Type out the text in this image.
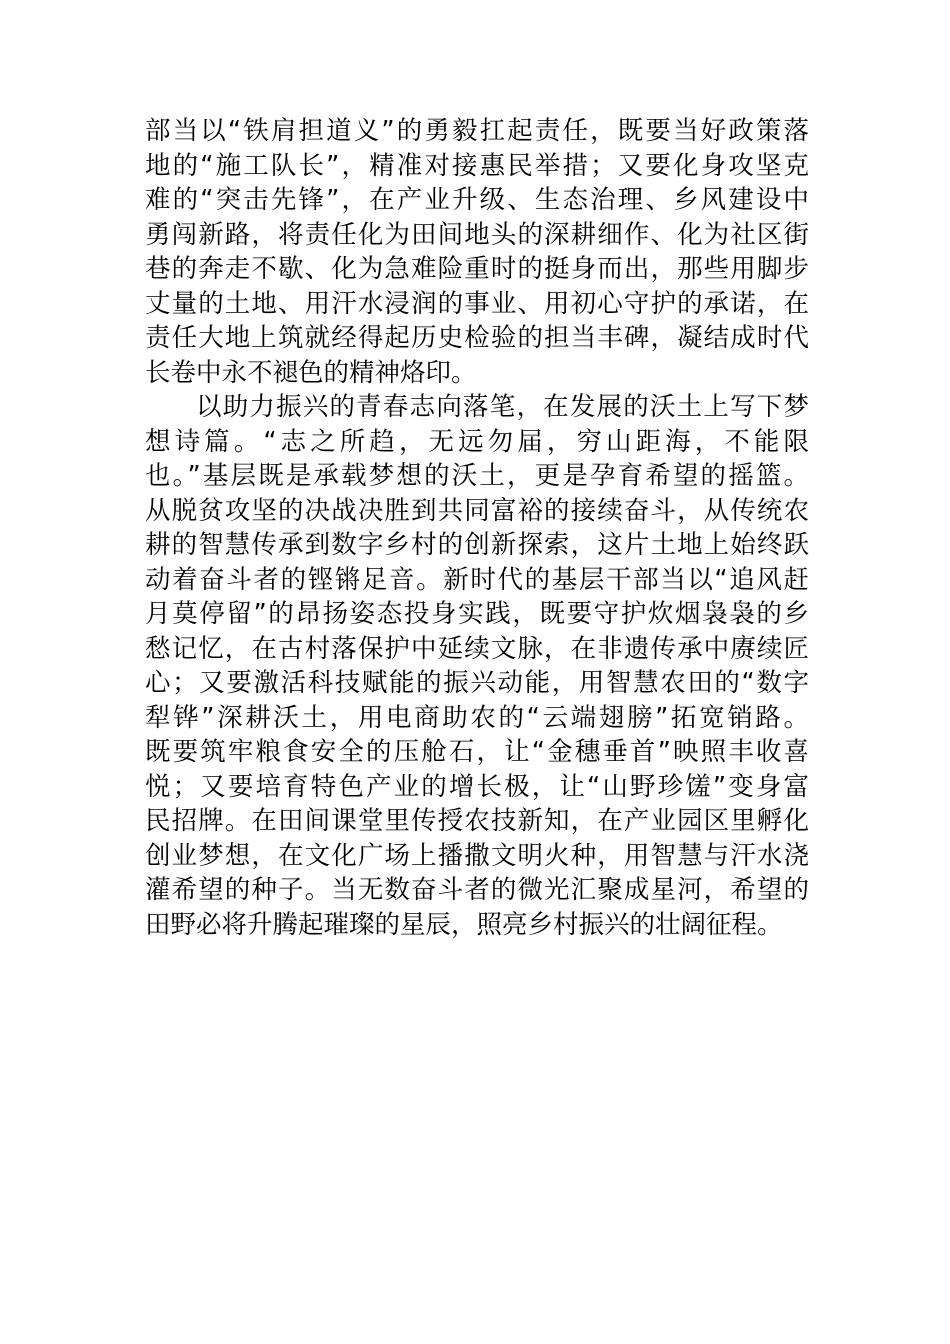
部当以“铁肩担道义”的勇毅扛起责任，既要当好政策落
地的“施工队长”，精准对接惠民举措；又要化身攻坚克
难的“突击先锋”，在产业升级、生态治理、乡风建设中
勇闯新路，将责任化为田间地头的深耕细作、化为社区街
巷的奔走不歇、化为急难险重时的挺身而出，那些用脚步
丈量的土地、用汗水浸润的事业、用初心守护的承诺，在
责任大地上筑就经得起历史检验的担当丰碑，凝结成时代
长卷中永不褪色的精神烙印。
以助力振兴的青春志向落笔，在发展的沃土上写下梦
想诗篇。“志之所趋，无远勿届，穷山距海，不能限
也。”基层既是承载梦想的沃土，更是孕育希望的摇篮。
从脱贫攻坚的决战决胜到共同富裕的接续奋斗，从传统农
耕的智慧传承到数字乡村的创新探索，这片土地上始终跃
动着奋斗者的铿锵足音。新时代的基层干部当以“追风赶
月莫停留”的昂扬姿态投身实践，既要守护炊烟袅袅的乡
愁记忆，在古村落保护中延续文脉，在非遗传承中赓续匠
心；又要激活科技赋能的振兴动能，用智慧农田的“数字
犁铧”深耕沃土，用电商助农的“云端翅膀”拓宽销路。
既要筑牢粮食安全的压舱石，让“金穗垂首”映照丰收喜
悦；又要培育特色产业的增长极，让“山野珍馐”变身富
民招牌。在田间课堂里传授农技新知，在产业园区里孵化
创业梦想，在文化广场上播撒文明火种，用智慧与汗水浇
灌希望的种子。当无数奋斗者的微光汇聚成星河，希望的
田野必将升腾起璀璨的星辰，照亮乡村振兴的壮阔征程。
